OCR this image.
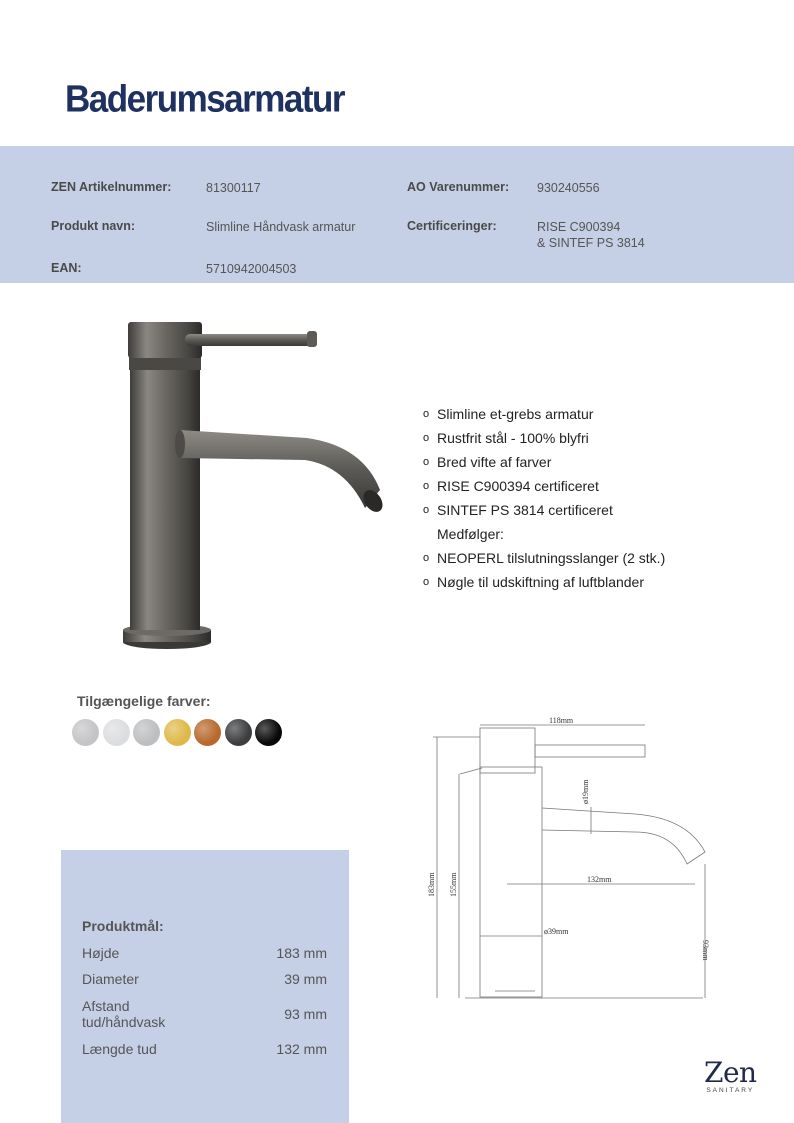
Baderumsarmatur
ZEN Artikelnummer:	81300117	AO Varenummer: 930240556
Produkt navn:	Slimline Håndvask armatur	Certificeringer:	RISE C900394
& SINTEF PS 3814
EAN:	5710942004503
o Slimline et-grebs armatur
o Rustfrit stål - 100% blyfri
o Bred vifte af farver
o RISE C900394 certificeret
o SINTEF PS 3814 certificeret
Medfølger:
o NEOPERL tilslutningsslanger (2 stk.)
o Nøgle til udskiftning af luftblander
Tilgængelige farver:
Produktmål:
Højde	183 mm
Diameter	39 mm
Afstand
tud/håndvask	93 mm
Længde tud	132 mm
118mm
ø19mm
132mm
183mm 155mm
ø39mm
93mm
Zen
SANITARY
